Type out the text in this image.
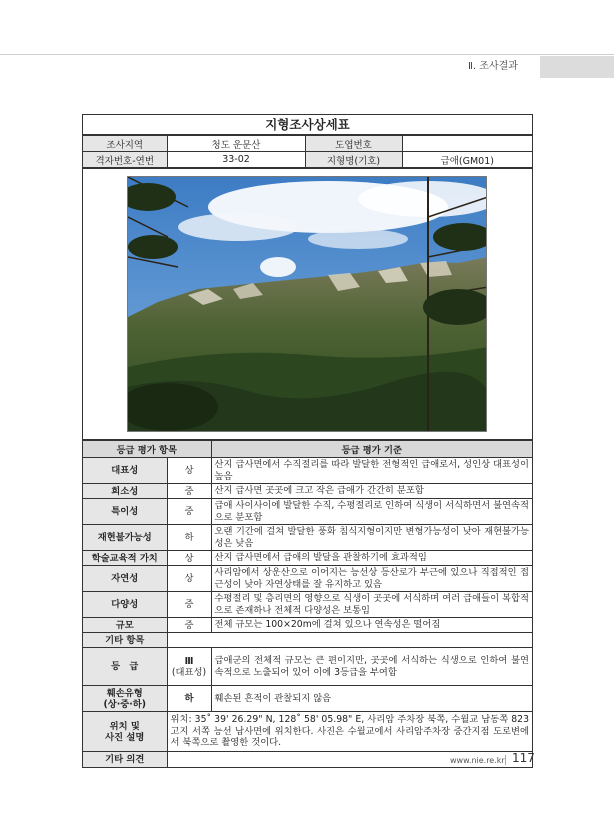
Ⅱ. 조사결과
지형조사상세표
조사지역	청도 운문산	도엽번호	
격자번호-연번	33-02	지형명(기호)	급애(GM01)
등급 평가 항목		등급 평가 기준
대표성	상	산지 급사면에서 수직절리를 따라 발달한 전형적인 급애로서, 성인상 대표성이 높음
희소성	중	산지 급사면 곳곳에 크고 작은 급애가 간간히 분포함
특이성	중	급애 사이사이에 발달한 수직, 수평절리로 인하여 식생이 서식하면서 불연속적으로 분포함
재현불가능성	하	오랜 기간에 걸쳐 발달한 풍화 침식지형이지만 변형가능성이 낮아 재현불가능성은 낮음
학술교육적 가치	상	산지 급사면에서 급애의 발달을 관찰하기에 효과적임
자연성	상	사리암에서 상운산으로 이어지는 능선상 등산로가 부근에 있으나 직접적인 접근성이 낮아 자연상태를 잘 유지하고 있음
다양성	중	수평절리 및 층리면의 영향으로 식생이 곳곳에 서식하며 여러 급애들이 복합적으로 존재하나 전체적 다양성은 보통임
규모	중	전체 규모는 100×20m에 걸쳐 있으나 연속성은 떨어짐
기타 항목		
등　급	Ⅲ
(대표성)	급애군의 전체적 규모는 큰 편이지만, 곳곳에 서식하는 식생으로 인하여 불연속적으로 노출되어 있어 이에 3등급을 부여함
훼손유형
(상·중·하)	하	훼손된 흔적이 관찰되지 않음
위치 및
사진 설명	위치: 35˚ 39' 26.29" N, 128˚ 58' 05.98" E, 사리암 주차장 북쪽, 수월교 남동쪽 823고지 서쪽 능선 남사면에 위치한다. 사진은 수월교에서 사리암주차장 중간지점 도로변에서 북쪽으로 촬영한 것이다.	
기타 의견			www.nie.re.kr 117
